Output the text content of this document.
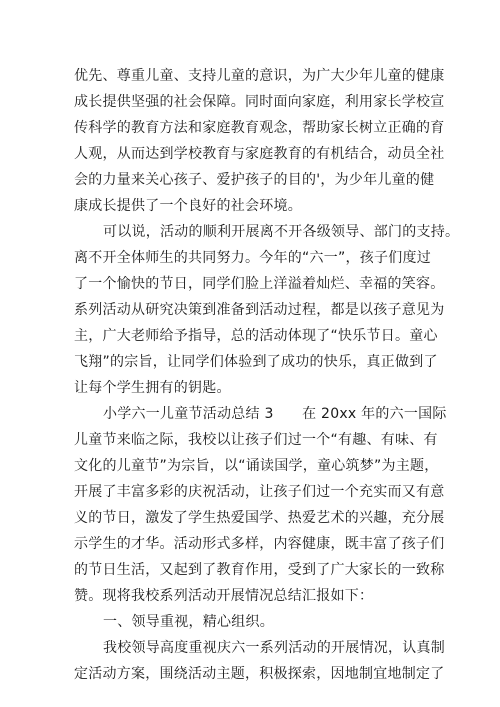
优先、尊重儿童、支持儿童的意识，为广大少年儿童的健康
成长提供坚强的社会保障。同时面向家庭，利用家长学校宣
传科学的教育方法和家庭教育观念，帮助家长树立正确的育
人观，从而达到学校教育与家庭教育的有机结合，动员全社
会的力量来关心孩子、爱护孩子的目的'，为少年儿童的健
康成长提供了一个良好的社会环境。
可以说，活动的顺利开展离不开各级领导、部门的支持。
离不开全体师生的共同努力。今年的“六一”，孩子们度过
了一个愉快的节日，同学们脸上洋溢着灿烂、幸福的笑容。
系列活动从研究决策到准备到活动过程，都是以孩子意见为
主，广大老师给予指导，总的活动体现了“快乐节日。童心
飞翔”的宗旨，让同学们体验到了成功的快乐，真正做到了
让每个学生拥有的钥匙。
小学六一儿童节活动总结 3　　在 20xx 年的六一国际
儿童节来临之际，我校以让孩子们过一个“有趣、有味、有
文化的儿童节”为宗旨，以“诵读国学，童心筑梦”为主题，
开展了丰富多彩的庆祝活动，让孩子们过一个充实而又有意
义的节日，激发了学生热爱国学、热爱艺术的兴趣，充分展
示学生的才华。活动形式多样，内容健康，既丰富了孩子们
的节日生活，又起到了教育作用，受到了广大家长的一致称
赞。现将我校系列活动开展情况总结汇报如下：
一、领导重视，精心组织。
我校领导高度重视庆六一系列活动的开展情况，认真制
定活动方案，围绕活动主题，积极探索，因地制宜地制定了
